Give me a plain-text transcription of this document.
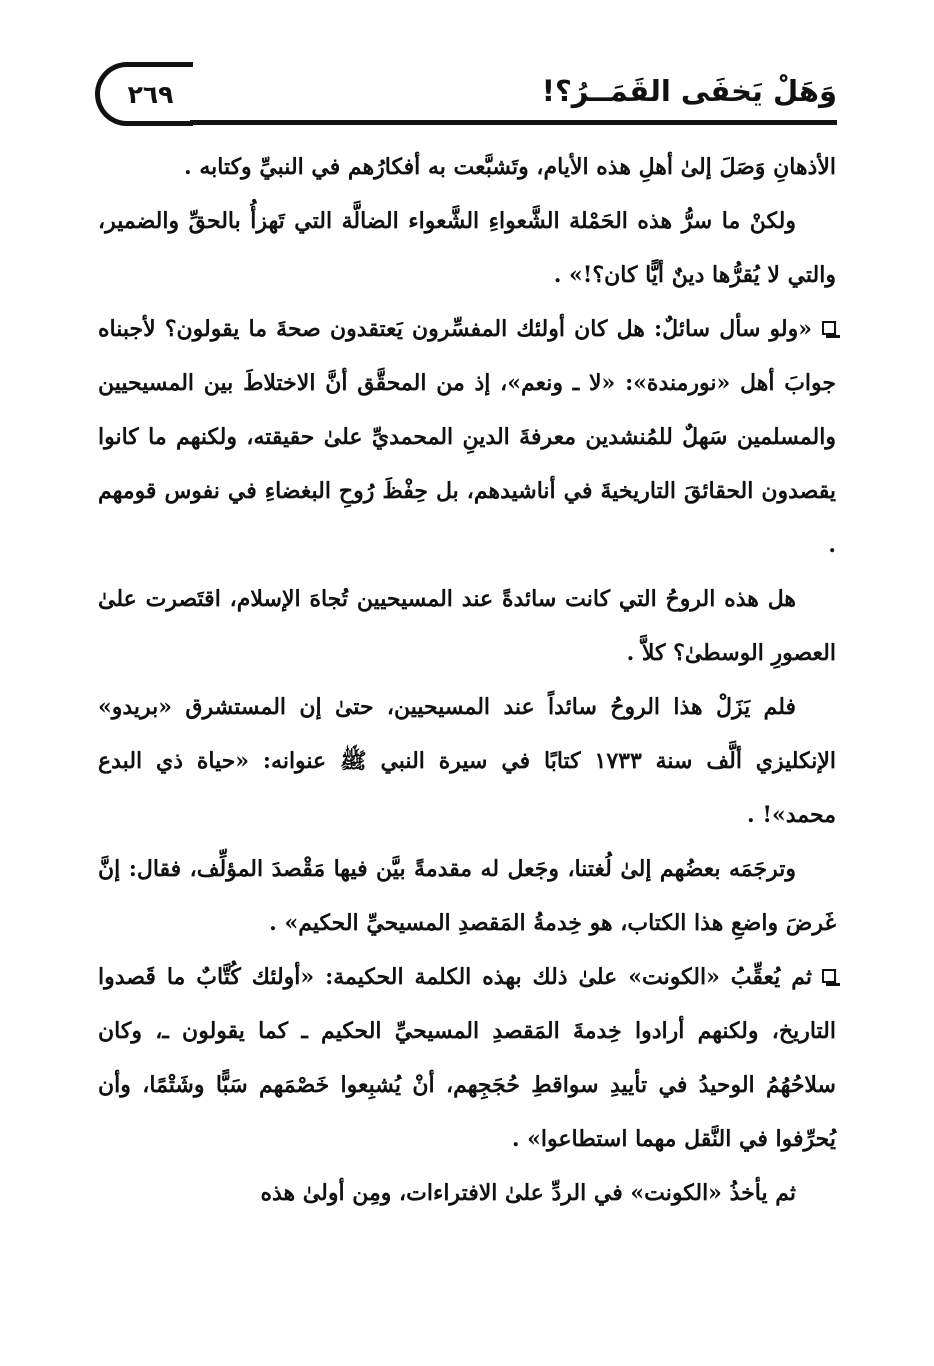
وَهَلْ يَخفَى القَمَــرُ؟!
٢٦٩

الأذهانِ وَصَلَ إلىٰ أهلِ هذه الأيام، وتَشبَّعت به أفكارُهم في النبيِّ وكتابه .

ولكنْ ما سرُّ هذه الحَمْلة الشَّعواءِ الشَّعواء الضالَّة التي تَهزأُ بالحقِّ والضمير، والتي لا يُقرُّها دينٌ أيًّا كان؟!» .

«ولو سأل سائلٌ: هل كان أولئك المفسِّرون يَعتقدون صحةَ ما يقولون؟ لأجبناه جوابَ أهل «نورمندة»: «لا ـ ونعم»، إذ من المحقَّق أنَّ الاختلاطَ بين المسيحيين والمسلمين سَهلٌ للمُنشدين معرفةَ الدينِ المحمديِّ علىٰ حقيقته، ولكنهم ما كانوا يقصدون الحقائقَ التاريخيةَ في أناشيدهم، بل حِفْظَ رُوحِ البغضاءِ في نفوس قومهم .

هل هذه الروحُ التي كانت سائدةً عند المسيحيين تُجاهَ الإسلام، اقتَصرت علىٰ العصورِ الوسطىٰ؟ كلاَّ .

فلم يَزَلْ هذا الروحُ سائداً عند المسيحيين، حتىٰ إن المستشرق «بريدو» الإنكليزي ألَّف سنة ١٧٣٣ كتابًا في سيرة النبي ﷺ عنوانه: «حياة ذي البدع محمد»! .

وترجَمَه بعضُهم إلىٰ لُغتنا، وجَعل له مقدمةً بيَّن فيها مَقْصدَ المؤلِّف، فقال: إنَّ غَرضَ واضعِ هذا الكتاب، هو خِدمةُ المَقصدِ المسيحيِّ الحكيم» .

ثم يُعقِّبُ «الكونت» علىٰ ذلك بهذه الكلمة الحكيمة: «أولئك كُتَّابٌ ما قَصدوا التاريخ، ولكنهم أرادوا خِدمةَ المَقصدِ المسيحيِّ الحكيم ـ كما يقولون ـ، وكان سلاحُهُمُ الوحيدُ في تأييدِ سواقطِ حُجَجِهم، أنْ يُشبِعوا خَصْمَهم سَبًّا وشَتْمًا، وأن يُحرِّفوا في النَّقل مهما استطاعوا» .

ثم يأخذُ «الكونت» في الردِّ علىٰ الافتراءات، ومِن أولىٰ هذه
